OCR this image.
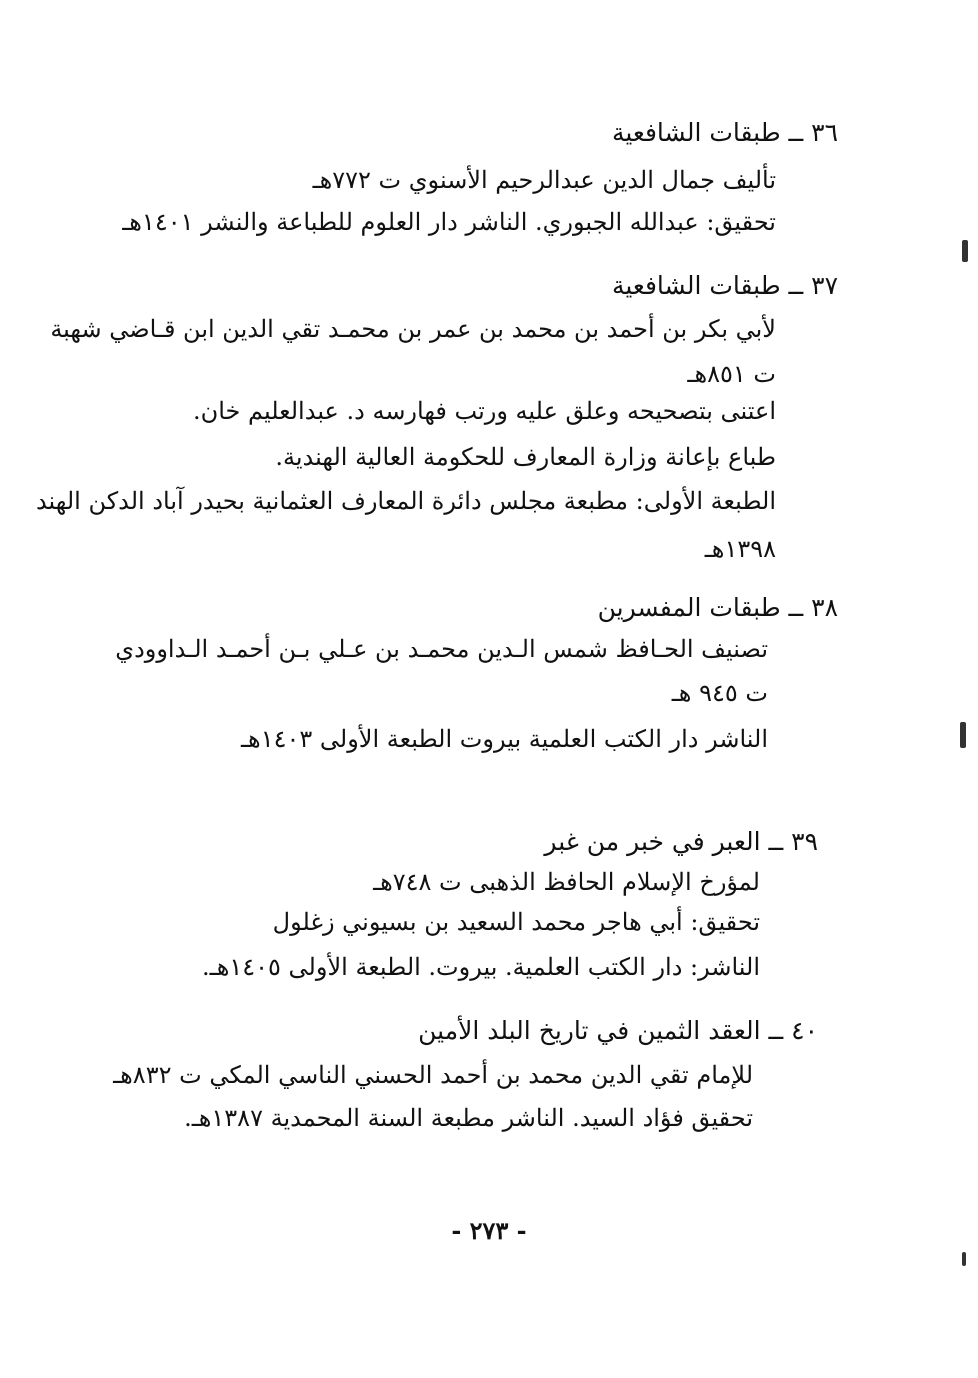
٣٦ ــ طبقات الشافعية
تأليف جمال الدين عبدالرحيم الأسنوي ت ٧٧٢هـ
تحقيق: عبدالله الجبوري. الناشر دار العلوم للطباعة والنشر ١٤٠١هـ
٣٧ ــ طبقات الشافعية
لأبي بكر بن أحمد بن محمد بن عمر بن محمـد تقي الدين ابن قـاضي شهبة
ت ٨٥١هـ
اعتنى بتصحيحه وعلق عليه ورتب فهارسه د. عبدالعليم خان.
طباع بإعانة وزارة المعارف للحكومة العالية الهندية.
الطبعة الأولى: مطبعة مجلس دائرة المعارف العثمانية بحيدر آباد الدكن الهند
١٣٩٨هـ
٣٨ ــ طبقات المفسرين
تصنيف الحـافظ شمس الـدين محمـد بن عـلي بـن أحمـد الـداوودي
ت ٩٤٥ هـ
الناشر دار الكتب العلمية بيروت الطبعة الأولى ١٤٠٣هـ
٣٩ ــ العبر في خبر من غبر
لمؤرخ الإسلام الحافظ الذهبى ت ٧٤٨هـ
تحقيق: أبي هاجر محمد السعيد بن بسيوني زغلول
الناشر: دار الكتب العلمية. بيروت. الطبعة الأولى ١٤٠٥هـ.
٤٠ ــ العقد الثمين في تاريخ البلد الأمين
للإمام تقي الدين محمد بن أحمد الحسني الناسي المكي ت ٨٣٢هـ
تحقيق فؤاد السيد. الناشر مطبعة السنة المحمدية ١٣٨٧هـ.
- ٢٧٣ -
